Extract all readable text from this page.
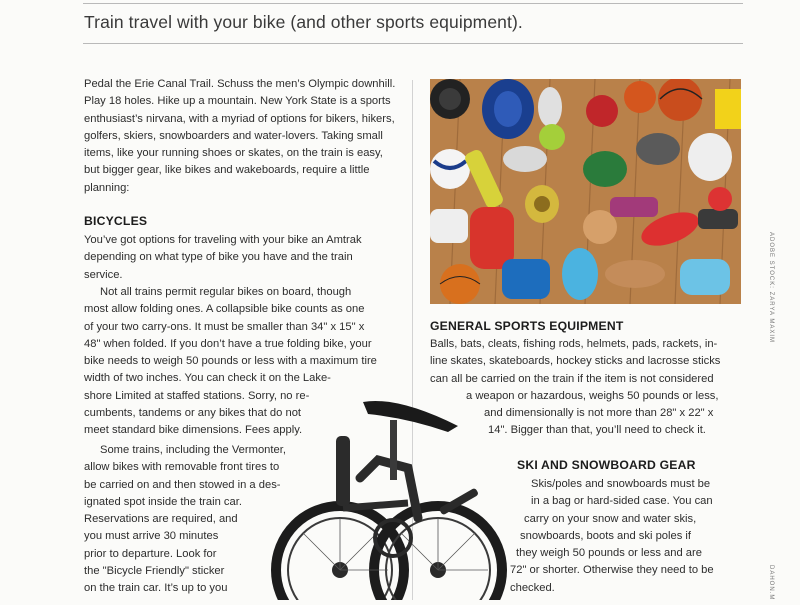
Train travel with your bike (and other sports equipment).

Pedal the Erie Canal Trail. Schuss the men’s Olympic downhill. Play 18 holes. Hike up a mountain. New York State is a sports enthusiast’s nirvana, with a myriad of options for bikers, hikers, golfers, skiers, snowboarders and water-lovers. Taking small items, like your running shoes or skates, on the train is easy, but bigger gear, like bikes and wakeboards, require a little planning:

BICYCLES

You’ve got options for traveling with your bike an Amtrak depending on what type of bike you have and the train service.

Not all trains permit regular bikes on board, though

most allow folding ones. A collapsible bike counts as one

of your two carry-ons. It must be smaller than 34" x 15" x

48" when folded. If you don’t have a true folding bike, your

bike needs to weigh 50 pounds or less with a maximum tire

width of two inches. You can check it on the Lake-

shore Limited at staffed stations. Sorry, no re-

cumbents, tandems or any bikes that do not

meet standard bike dimensions. Fees apply.

Some trains, including the Vermonter,

allow bikes with removable front tires to

be carried on and then stowed in a des-

ignated spot inside the train car.

Reservations are required, and

you must arrive 30 minutes

prior to departure. Look for

the "Bicycle Friendly" sticker

on the train car. It’s up to you

ADOBE STOCK: ZARYA MAXIM
GENERAL SPORTS EQUIPMENT

Balls, bats, cleats, fishing rods, helmets, pads, rackets, in-

line skates, skateboards, hockey sticks and lacrosse sticks

can all be carried on the train if the item is not considered

a weapon or hazardous, weighs 50 pounds or less,

and dimensionally is not more than 28" x 22" x

14". Bigger than that, you’ll need to check it.

SKI AND SNOWBOARD GEAR

Skis/poles and snowboards must be

in a bag or hard-sided case. You can

carry on your snow and water skis,

snowboards, boots and ski poles if

they weigh 50 pounds or less and are

72" or shorter. Otherwise they need to be

checked.	DAHON.M
